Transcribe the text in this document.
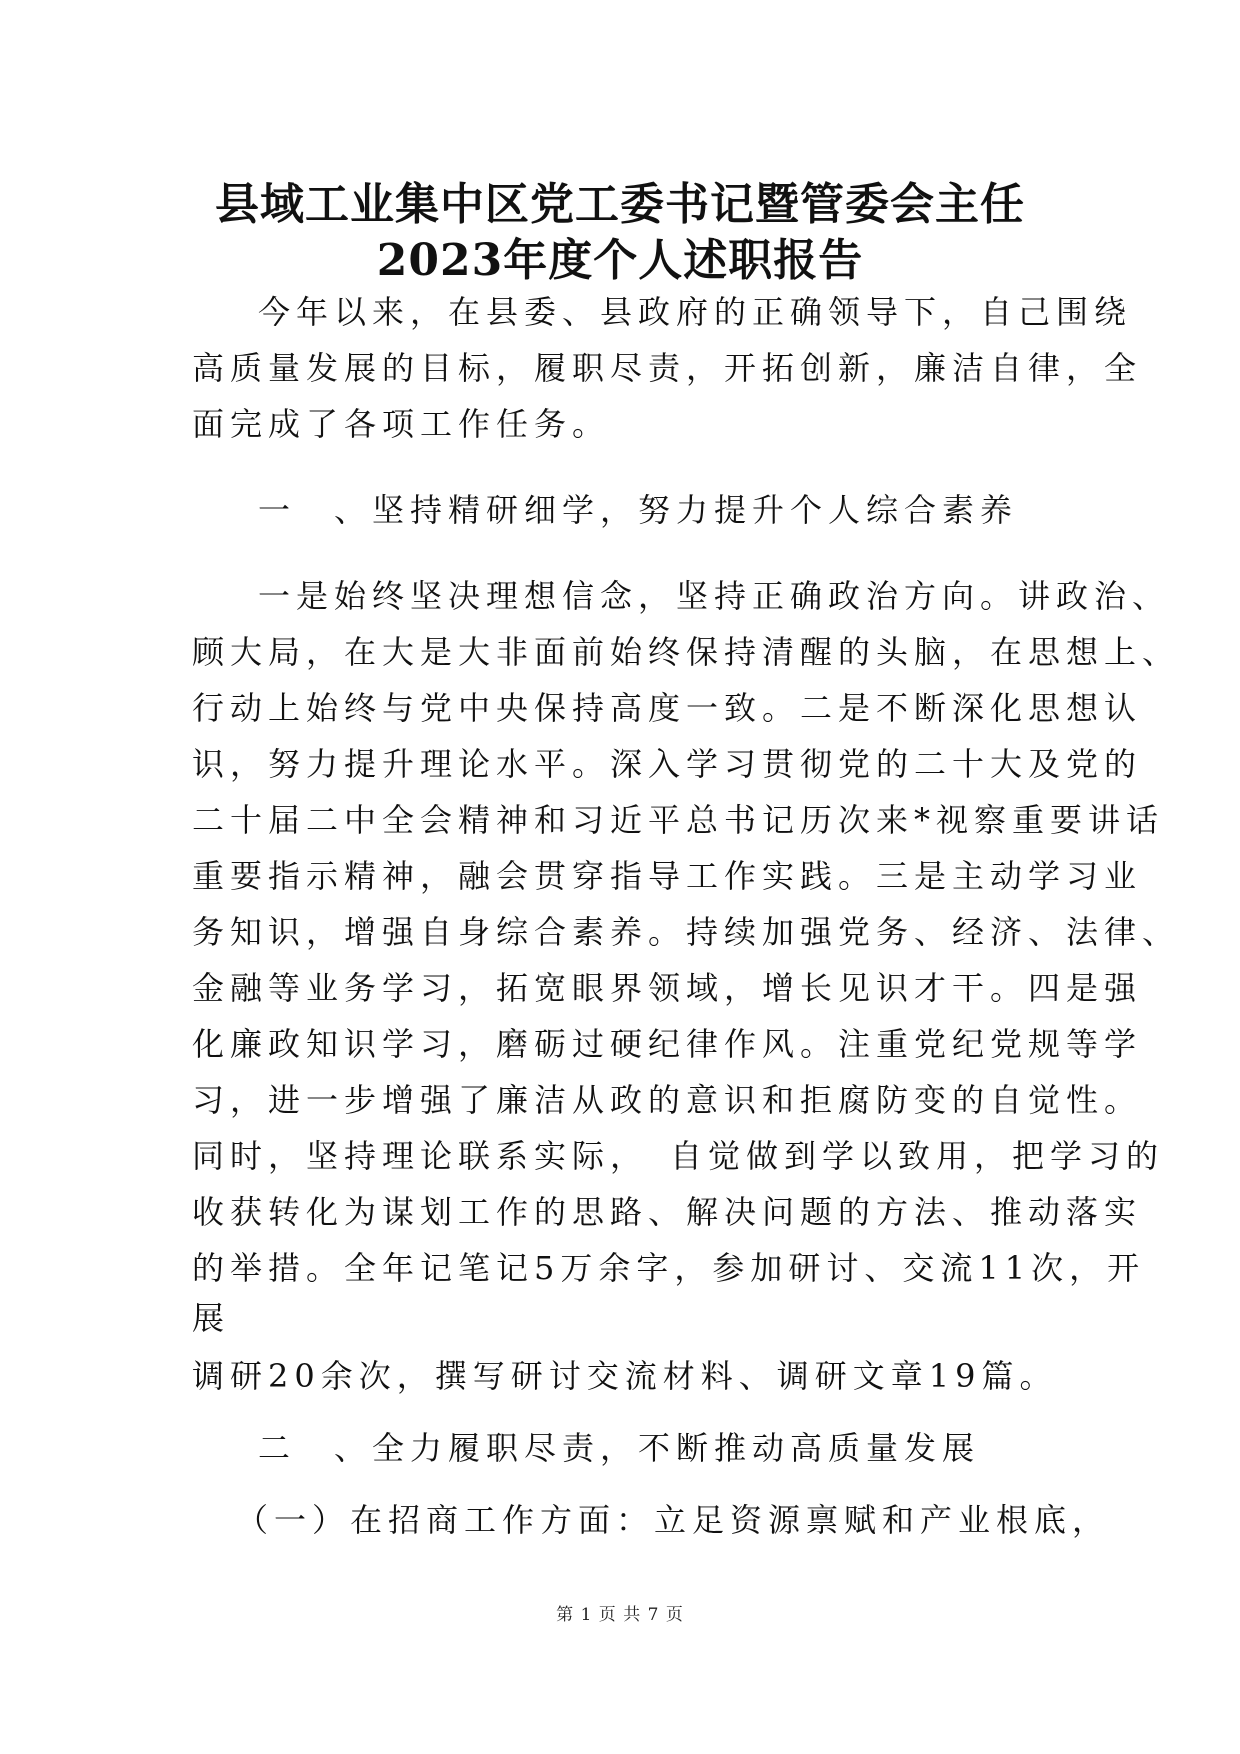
县域工业集中区党工委书记暨管委会主任
2023年度个人述职报告
今年以来，在县委、县政府的正确领导下，自己围绕
高质量发展的目标，履职尽责，开拓创新，廉洁自律，全
面完成了各项工作任务。
一　、坚持精研细学，努力提升个人综合素养
一是始终坚决理想信念，坚持正确政治方向。讲政治、
顾大局，在大是大非面前始终保持清醒的头脑，在思想上、
行动上始终与党中央保持高度一致。二是不断深化思想认
识，努力提升理论水平。深入学习贯彻党的二十大及党的
二十届二中全会精神和习近平总书记历次来*视察重要讲话
重要指示精神，融会贯穿指导工作实践。三是主动学习业
务知识，增强自身综合素养。持续加强党务、经济、法律、
金融等业务学习，拓宽眼界领域，增长见识才干。四是强
化廉政知识学习，磨砺过硬纪律作风。注重党纪党规等学
习，进一步增强了廉洁从政的意识和拒腐防变的自觉性。
同时，坚持理论联系实际，　自觉做到学以致用，把学习的
收获转化为谋划工作的思路、解决问题的方法、推动落实
的举措。全年记笔记5万余字，参加研讨、交流11次，开
展
调研20余次，撰写研讨交流材料、调研文章19篇。
二　、全力履职尽责，不断推动高质量发展
（一）在招商工作方面：立足资源禀赋和产业根底，
第 1 页 共 7 页
